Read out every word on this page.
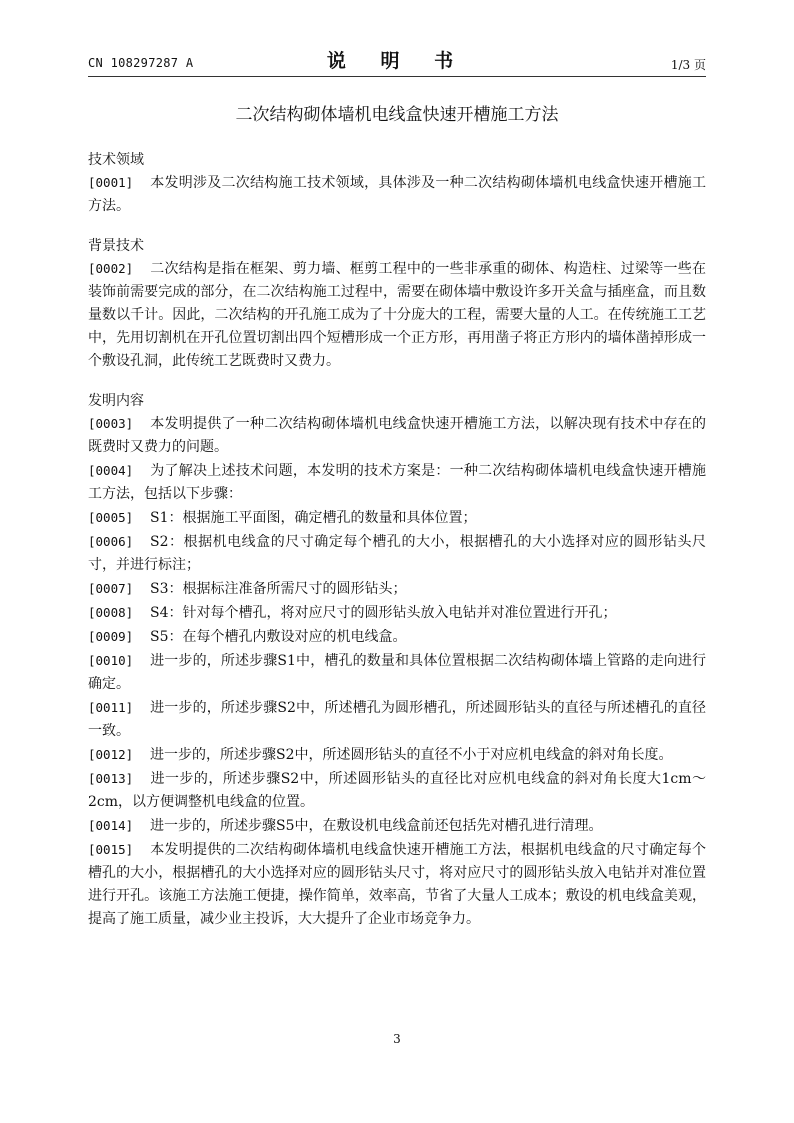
CN 108297287 A	说 明 书	1/3 页
二次结构砌体墙机电线盒快速开槽施工方法
技术领域
[0001] 本发明涉及二次结构施工技术领域，具体涉及一种二次结构砌体墙机电线盒快速开槽施工方法。
背景技术
[0002] 二次结构是指在框架、剪力墙、框剪工程中的一些非承重的砌体、构造柱、过梁等一些在装饰前需要完成的部分，在二次结构施工过程中，需要在砌体墙中敷设许多开关盒与插座盒，而且数量数以千计。因此，二次结构的开孔施工成为了十分庞大的工程，需要大量的人工。在传统施工工艺中，先用切割机在开孔位置切割出四个短槽形成一个正方形，再用凿子将正方形内的墙体凿掉形成一个敷设孔洞，此传统工艺既费时又费力。
发明内容
[0003] 本发明提供了一种二次结构砌体墙机电线盒快速开槽施工方法，以解决现有技术中存在的既费时又费力的问题。
[0004] 为了解决上述技术问题，本发明的技术方案是：一种二次结构砌体墙机电线盒快速开槽施工方法，包括以下步骤：
[0005] S1：根据施工平面图，确定槽孔的数量和具体位置；
[0006] S2：根据机电线盒的尺寸确定每个槽孔的大小，根据槽孔的大小选择对应的圆形钻头尺寸，并进行标注；
[0007] S3：根据标注准备所需尺寸的圆形钻头；
[0008] S4：针对每个槽孔，将对应尺寸的圆形钻头放入电钻并对准位置进行开孔；
[0009] S5：在每个槽孔内敷设对应的机电线盒。
[0010] 进一步的，所述步骤S1中，槽孔的数量和具体位置根据二次结构砌体墙上管路的走向进行确定。
[0011] 进一步的，所述步骤S2中，所述槽孔为圆形槽孔，所述圆形钻头的直径与所述槽孔的直径一致。
[0012] 进一步的，所述步骤S2中，所述圆形钻头的直径不小于对应机电线盒的斜对角长度。
[0013] 进一步的，所述步骤S2中，所述圆形钻头的直径比对应机电线盒的斜对角长度大1cm～2cm，以方便调整机电线盒的位置。
[0014] 进一步的，所述步骤S5中，在敷设机电线盒前还包括先对槽孔进行清理。
[0015] 本发明提供的二次结构砌体墙机电线盒快速开槽施工方法，根据机电线盒的尺寸确定每个槽孔的大小，根据槽孔的大小选择对应的圆形钻头尺寸，将对应尺寸的圆形钻头放入电钻并对准位置进行开孔。该施工方法施工便捷，操作简单，效率高，节省了大量人工成本；敷设的机电线盒美观，提高了施工质量，减少业主投诉，大大提升了企业市场竞争力。
3
